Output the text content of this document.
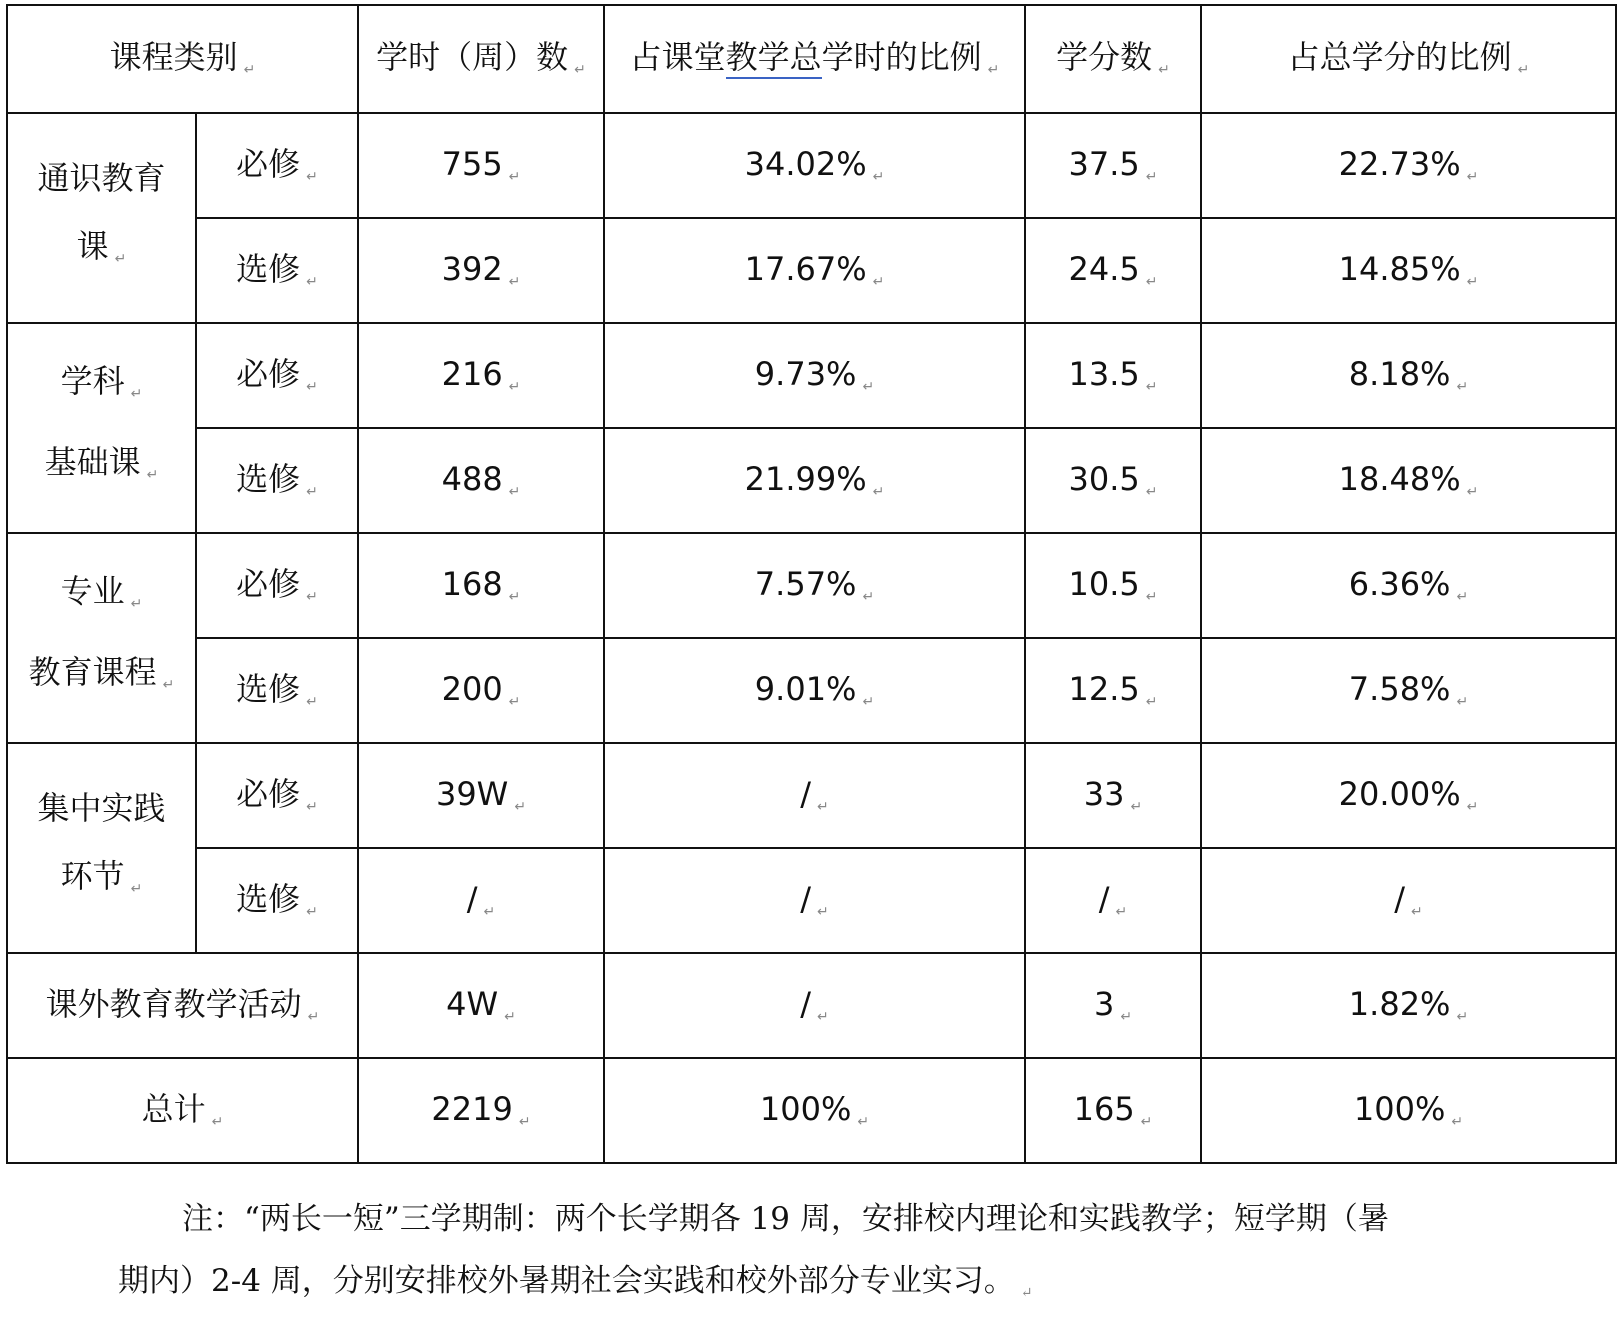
课程类别 ↵		学时（周）数 ↵	占课堂教学总学时的比例 ↵	学分数 ↵	占总学分的比例 ↵
通识教育
课 ↵	必修 ↵	755 ↵	34.02% ↵	37.5 ↵	22.73% ↵
	选修 ↵	392 ↵	17.67% ↵	24.5 ↵	14.85% ↵
学科 ↵
基础课 ↵	必修 ↵	216 ↵	9.73% ↵	13.5 ↵	8.18% ↵
	选修 ↵	488 ↵	21.99% ↵	30.5 ↵	18.48% ↵
专业 ↵
教育课程 ↵	必修 ↵	168 ↵	7.57% ↵	10.5 ↵	6.36% ↵
	选修 ↵	200 ↵	9.01% ↵	12.5 ↵	7.58% ↵
集中实践
环节 ↵	必修 ↵	39W ↵	/ ↵	33 ↵	20.00% ↵
	选修 ↵	/ ↵	/ ↵	/ ↵	/ ↵
课外教育教学活动 ↵		4W ↵	/ ↵	3 ↵	1.82% ↵
总计 ↵		2219 ↵	100% ↵	165 ↵	100% ↵
注：“两长一短”三学期制：两个长学期各 19 周，安排校内理论和实践教学；短学期（暑
期内）2-4 周，分别安排校外暑期社会实践和校外部分专业实习。 ↵
